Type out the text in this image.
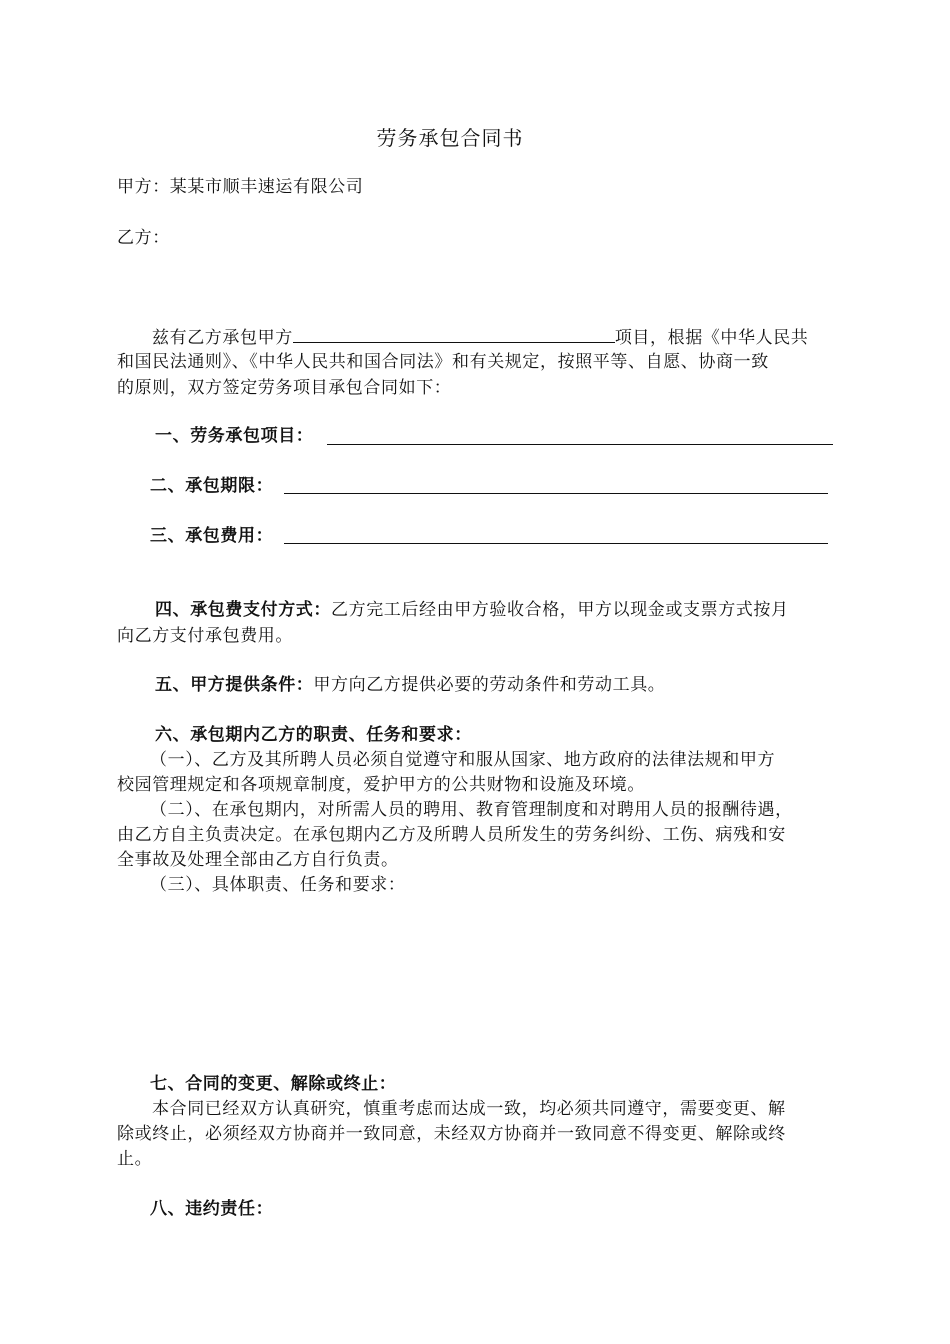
劳务承包合同书
甲方：某某市顺丰速运有限公司
乙方：
兹有乙方承包甲方	项目，根据《中华人民共
和国民法通则》、《中华人民共和国合同法》和有关规定，按照平等、自愿、协商一致
的原则，双方签定劳务项目承包合同如下：
一、劳务承包项目：
二、承包期限：
三、承包费用：
四、承包费支付方式：乙方完工后经由甲方验收合格，甲方以现金或支票方式按月
向乙方支付承包费用。
五、甲方提供条件：甲方向乙方提供必要的劳动条件和劳动工具。
六、承包期内乙方的职责、任务和要求：
（一）、乙方及其所聘人员必须自觉遵守和服从国家、地方政府的法律法规和甲方
校园管理规定和各项规章制度，爱护甲方的公共财物和设施及环境。
（二）、在承包期内，对所需人员的聘用、教育管理制度和对聘用人员的报酬待遇，
由乙方自主负责决定。在承包期内乙方及所聘人员所发生的劳务纠纷、工伤、病残和安
全事故及处理全部由乙方自行负责。
（三）、具体职责、任务和要求：
七、合同的变更、解除或终止：
本合同已经双方认真研究，慎重考虑而达成一致，均必须共同遵守，需要变更、解
除或终止，必须经双方协商并一致同意，未经双方协商并一致同意不得变更、解除或终
止。
八、违约责任：
